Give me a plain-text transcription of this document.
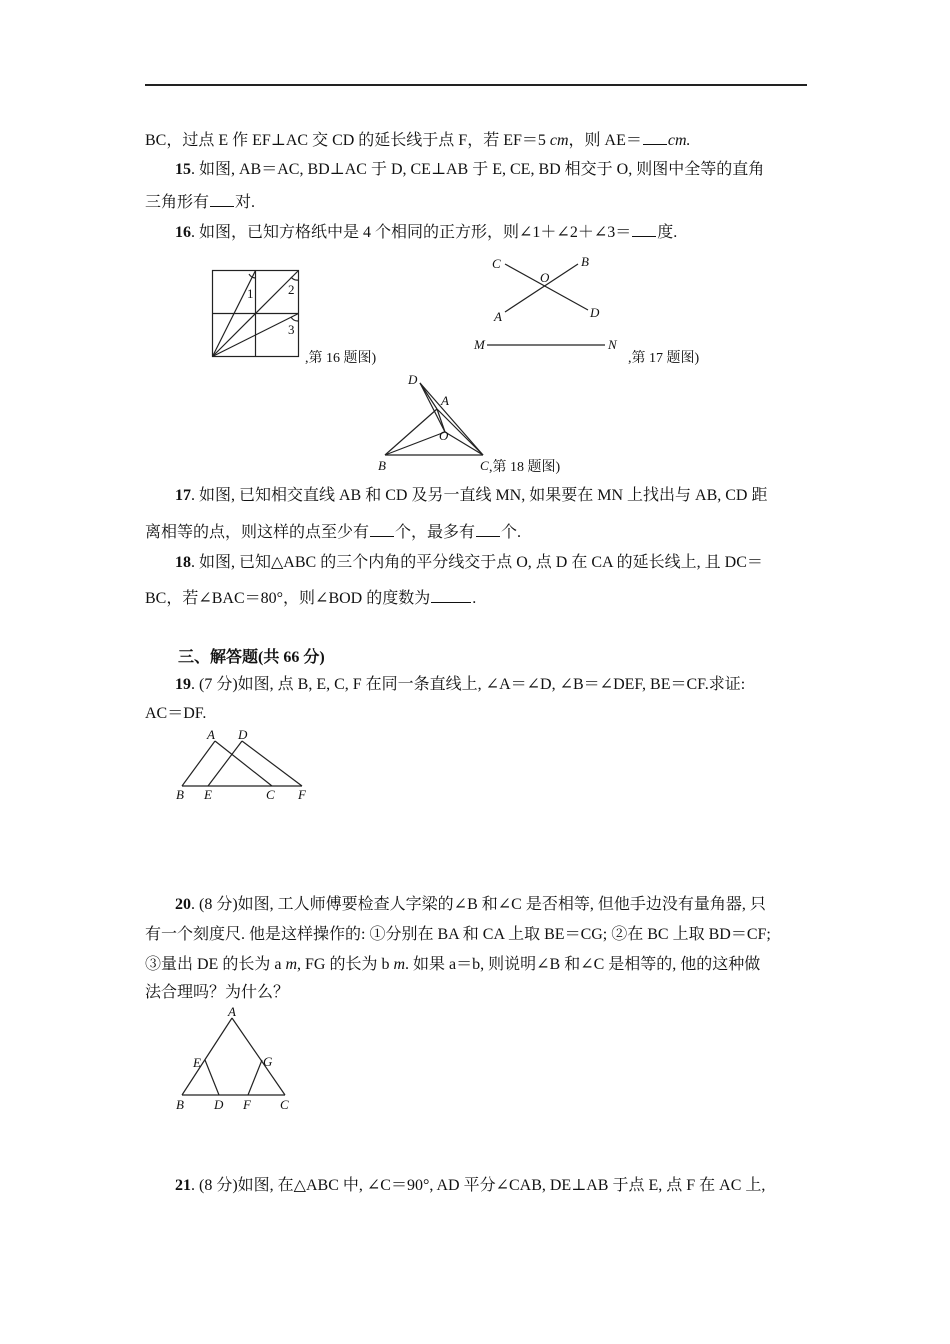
BC，过点 E 作 EF⊥AC 交 CD 的延长线于点 F，若 EF＝5 cm，则 AE＝ cm.
15. 如图, AB＝AC, BD⊥AC 于 D, CE⊥AB 于 E, CE, BD 相交于 O, 则图中全等的直角
三角形有 对.
16. 如图，已知方格纸中是 4 个相同的正方形，则∠1＋∠2＋∠3＝ 度.
1	2
3
,第 16 题图)
C
O
B
A	D
M	N
,第 17 题图)
D
A
O
B	C ,第 18 题图)
17. 如图, 已知相交直线 AB 和 CD 及另一直线 MN, 如果要在 MN 上找出与 AB, CD 距
离相等的点，则这样的点至少有 个，最多有 个.
18. 如图, 已知△ABC 的三个内角的平分线交于点 O, 点 D 在 CA 的延长线上, 且 DC＝
BC，若∠BAC＝80°，则∠BOD 的度数为	.
三、解答题(共 66 分)
19. (7 分)如图, 点 B, E, C, F 在同一条直线上, ∠A＝∠D, ∠B＝∠DEF, BE＝CF.求证:
AC＝DF.
A D
B E	C F
20. (8 分)如图, 工人师傅要检查人字梁的∠B 和∠C 是否相等, 但他手边没有量角器, 只
有一个刻度尺. 他是这样操作的: ①分别在 BA 和 CA 上取 BE＝CG; ②在 BC 上取 BD＝CF;
③量出 DE 的长为 a m, FG 的长为 b m. 如果 a＝b, 则说明∠B 和∠C 是相等的, 他的这种做
法合理吗？为什么？
A
E	G
B D F C
21. (8 分)如图, 在△ABC 中, ∠C＝90°, AD 平分∠CAB, DE⊥AB 于点 E, 点 F 在 AC 上,
